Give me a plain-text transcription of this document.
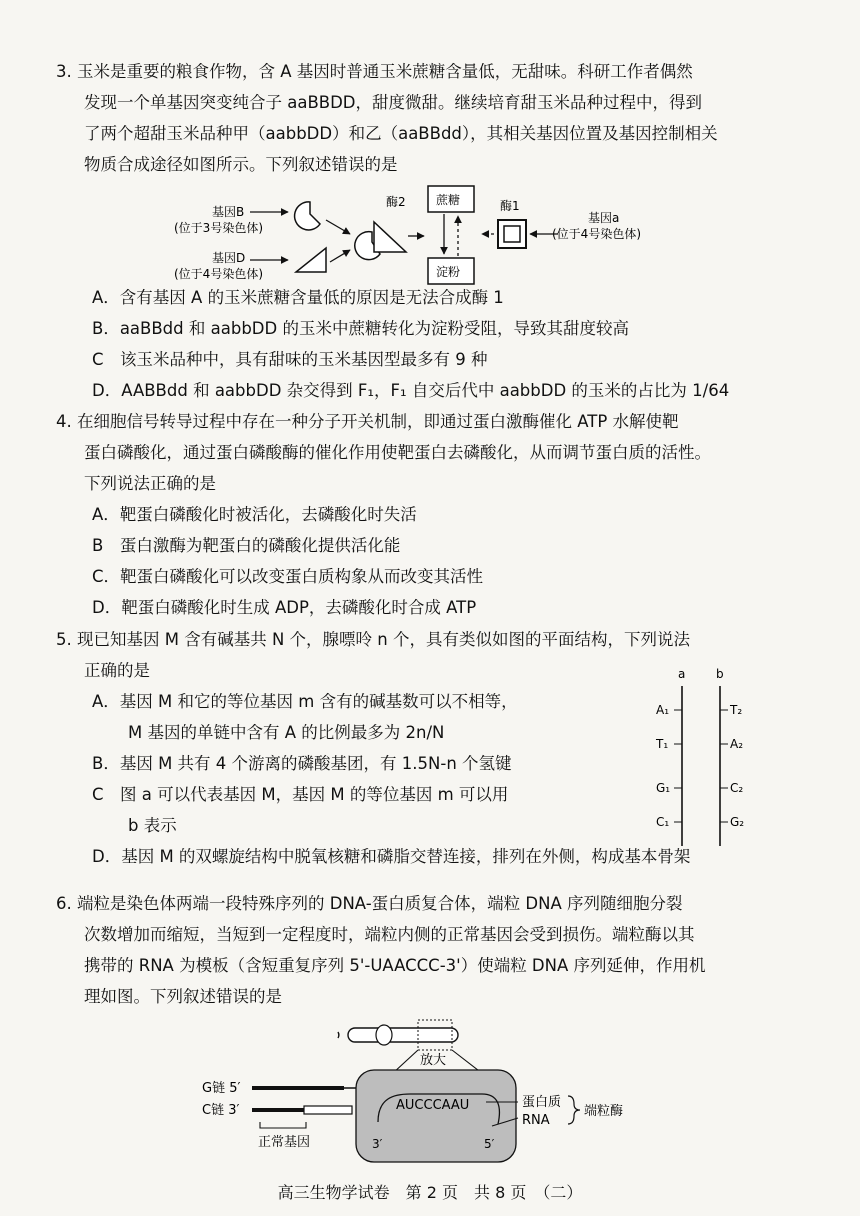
3. 玉米是重要的粮食作物，含 A 基因时普通玉米蔗糖含量低，无甜味。科研工作者偶然

发现一个单基因突变纯合子 aaBBDD，甜度微甜。继续培育甜玉米品种过程中，得到

了两个超甜玉米品种甲（aabbDD）和乙（aaBBdd），其相关基因位置及基因控制相关

物质合成途径如图所示。下列叙述错误的是

基因B
(位于3号染色体)
基因D
(位于4号染色体)
酶2	蔗糖
淀粉
酶1
基因a
(位于4号染色体)

A．含有基因 A 的玉米蔗糖含量低的原因是无法合成酶 1

B．aaBBdd 和 aabbDD 的玉米中蔗糖转化为淀粉受阻，导致其甜度较高

C　该玉米品种中，具有甜味的玉米基因型最多有 9 种

D．AABBdd 和 aabbDD 杂交得到 F₁，F₁ 自交后代中 aabbDD 的玉米的占比为 1/64

4. 在细胞信号转导过程中存在一种分子开关机制，即通过蛋白激酶催化 ATP 水解使靶

蛋白磷酸化，通过蛋白磷酸酶的催化作用使靶蛋白去磷酸化，从而调节蛋白质的活性。

下列说法正确的是

A．靶蛋白磷酸化时被活化，去磷酸化时失活

B　蛋白激酶为靶蛋白的磷酸化提供活化能

C．靶蛋白磷酸化可以改变蛋白质构象从而改变其活性

D．靶蛋白磷酸化时生成 ADP，去磷酸化时合成 ATP

5. 现已知基因 M 含有碱基共 N 个，腺嘌呤 n 个，具有类似如图的平面结构，下列说法

正确的是

A．基因 M 和它的等位基因 m 含有的碱基数可以不相等，

M 基因的单链中含有 A 的比例最多为 2n/N

B．基因 M 共有 4 个游离的磷酸基团，有 1.5N-n 个氢键

C　图 a 可以代表基因 M，基因 M 的等位基因 m 可以用

b 表示

D．基因 M 的双螺旋结构中脱氧核糖和磷脂交替连接，排列在外侧，构成基本骨架

a	b
A₁
T₁
G₁
C₁
T₂
A₂
C₂
G₂

6. 端粒是染色体两端一段特殊序列的 DNA-蛋白质复合体，端粒 DNA 序列随细胞分裂

次数增加而缩短，当短到一定程度时，端粒内侧的正常基因会受到损伤。端粒酶以其

携带的 RNA 为模板（含短重复序列 5'-UAACCC-3'）使端粒 DNA 序列延伸，作用机

理如图。下列叙述错误的是

放大
G链 5′
C链 3′
正常基因
AUCCCAAU
3′	5′
蛋白质
RNA
端粒酶
高三生物学试卷　第 2 页　共 8 页　（二）
